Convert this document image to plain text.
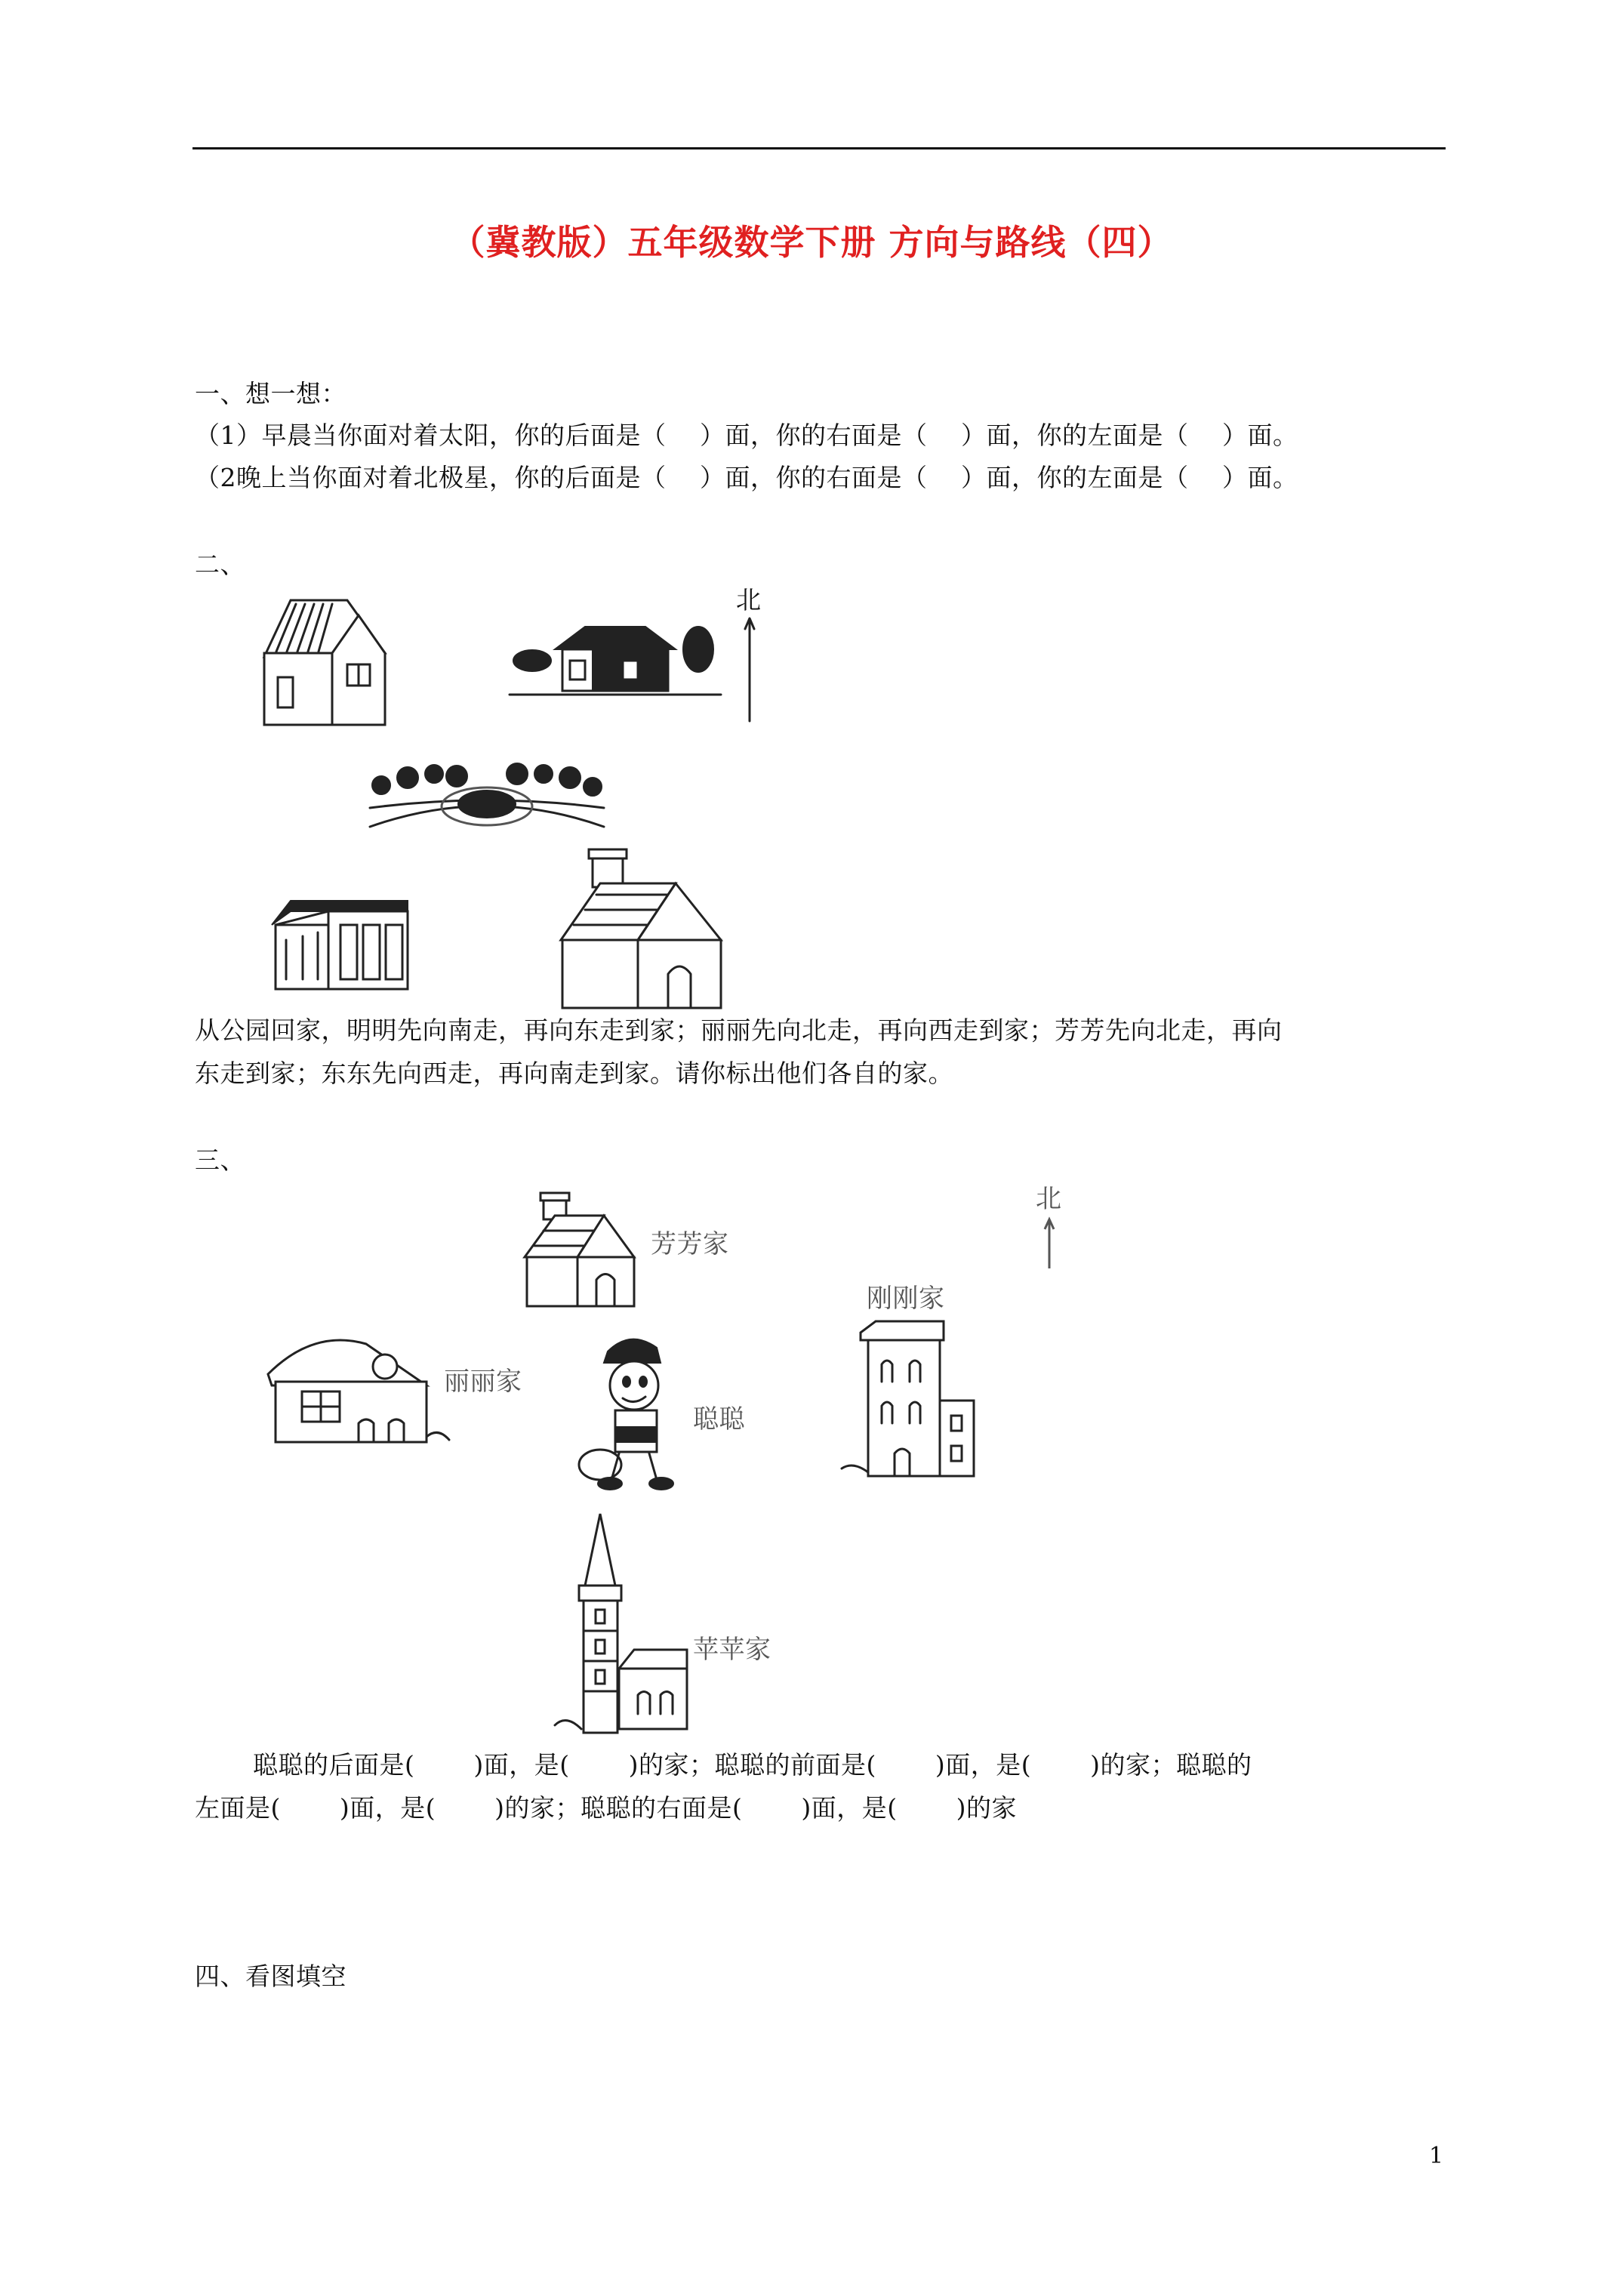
（冀教版）五年级数学下册 方向与路线（四）
一、想一想：
（1）早晨当你面对着太阳，你的后面是（　 ）面，你的右面是（　 ）面，你的左面是（　 ）面。
（2晚上当你面对着北极星，你的后面是（　 ）面，你的右面是（　 ）面，你的左面是（　 ）面。
二、
北
从公园回家，明明先向南走，再向东走到家；丽丽先向北走，再向西走到家；芳芳先向北走，再向
东走到家；东东先向西走，再向南走到家。请你标出他们各自的家。
三、
芳芳家
北
丽丽家
聪聪
刚刚家
苹苹家
聪聪的后面是(　　 )面，是(　　 )的家；聪聪的前面是(　　 )面，是(　　 )的家；聪聪的
左面是(　　 )面，是(　　 )的家；聪聪的右面是(　　 )面，是(　　 )的家
四、看图填空
1
